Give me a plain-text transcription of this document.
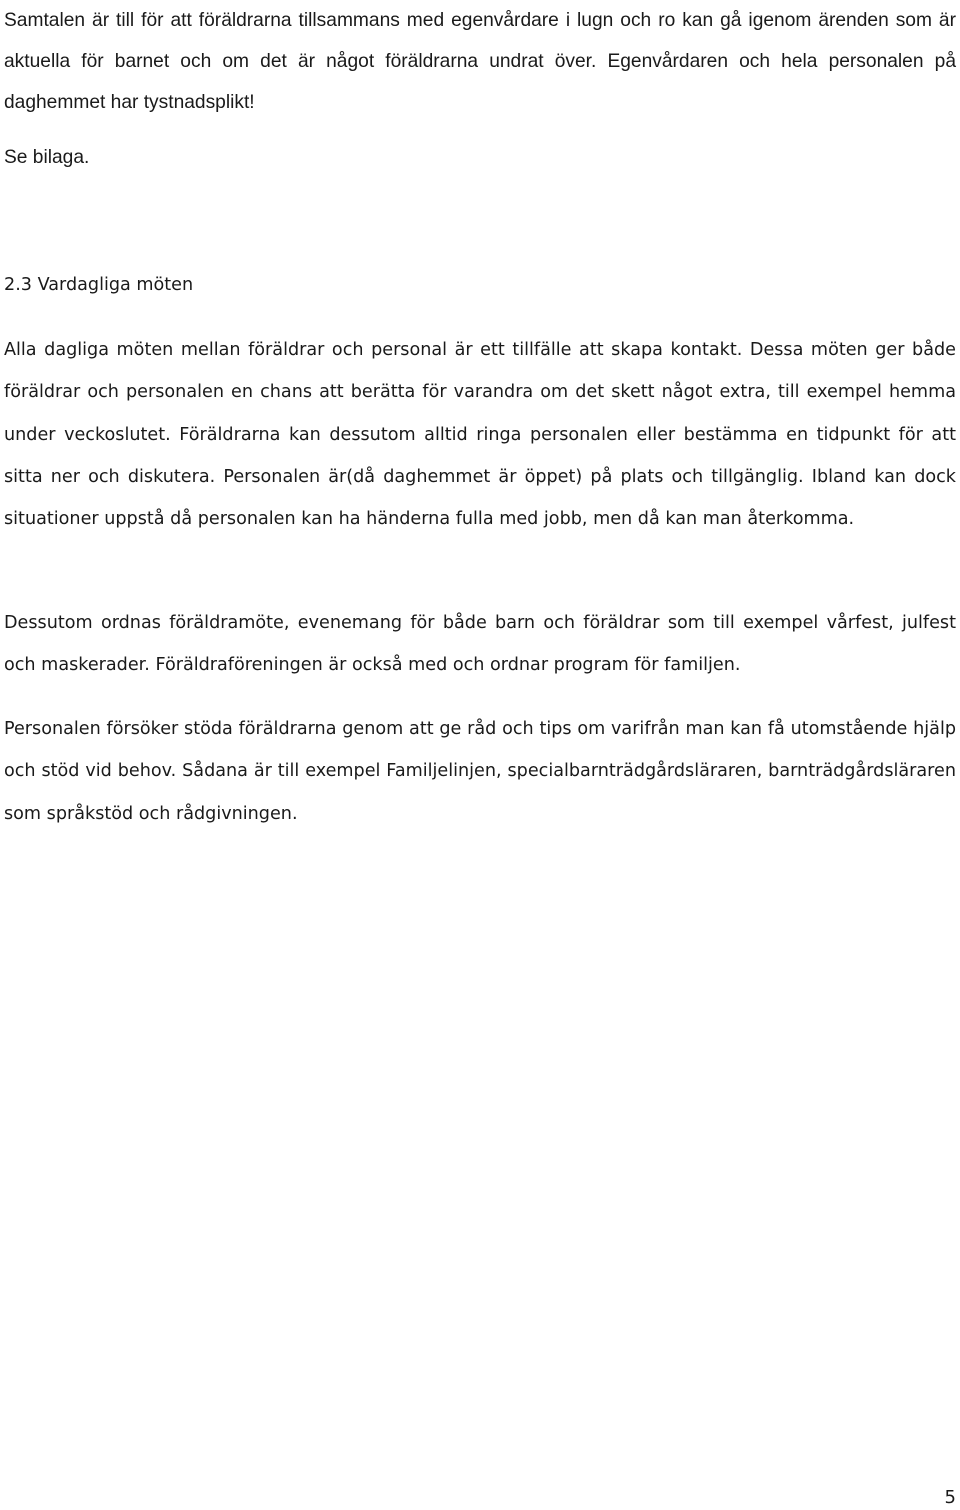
Samtalen är till för att föräldrarna tillsammans med egenvårdare i lugn och ro kan gå igenom ärenden som är aktuella för barnet och om det är något föräldrarna undrat över. Egenvårdaren och hela personalen på daghemmet har tystnadsplikt!

Se bilaga.

2.3 Vardagliga möten

Alla dagliga möten mellan föräldrar och personal är ett tillfälle att skapa kontakt. Dessa möten ger både föräldrar och personalen en chans att berätta för varandra om det skett något extra, till exempel hemma under veckoslutet. Föräldrarna kan dessutom alltid ringa personalen eller bestämma en tidpunkt för att sitta ner och diskutera. Personalen är(då daghemmet är öppet) på plats och tillgänglig. Ibland kan dock situationer uppstå då personalen kan ha händerna fulla med jobb, men då kan man återkomma.

Dessutom ordnas föräldramöte, evenemang för både barn och föräldrar som till exempel vårfest, julfest och maskerader. Föräldraföreningen är också med och ordnar program för familjen.

Personalen försöker stöda föräldrarna genom att ge råd och tips om varifrån man kan få utomstående hjälp och stöd vid behov. Sådana är till exempel Familjelinjen, specialbarnträdgårdsläraren, barnträdgårdsläraren som språkstöd och rådgivningen.

5
